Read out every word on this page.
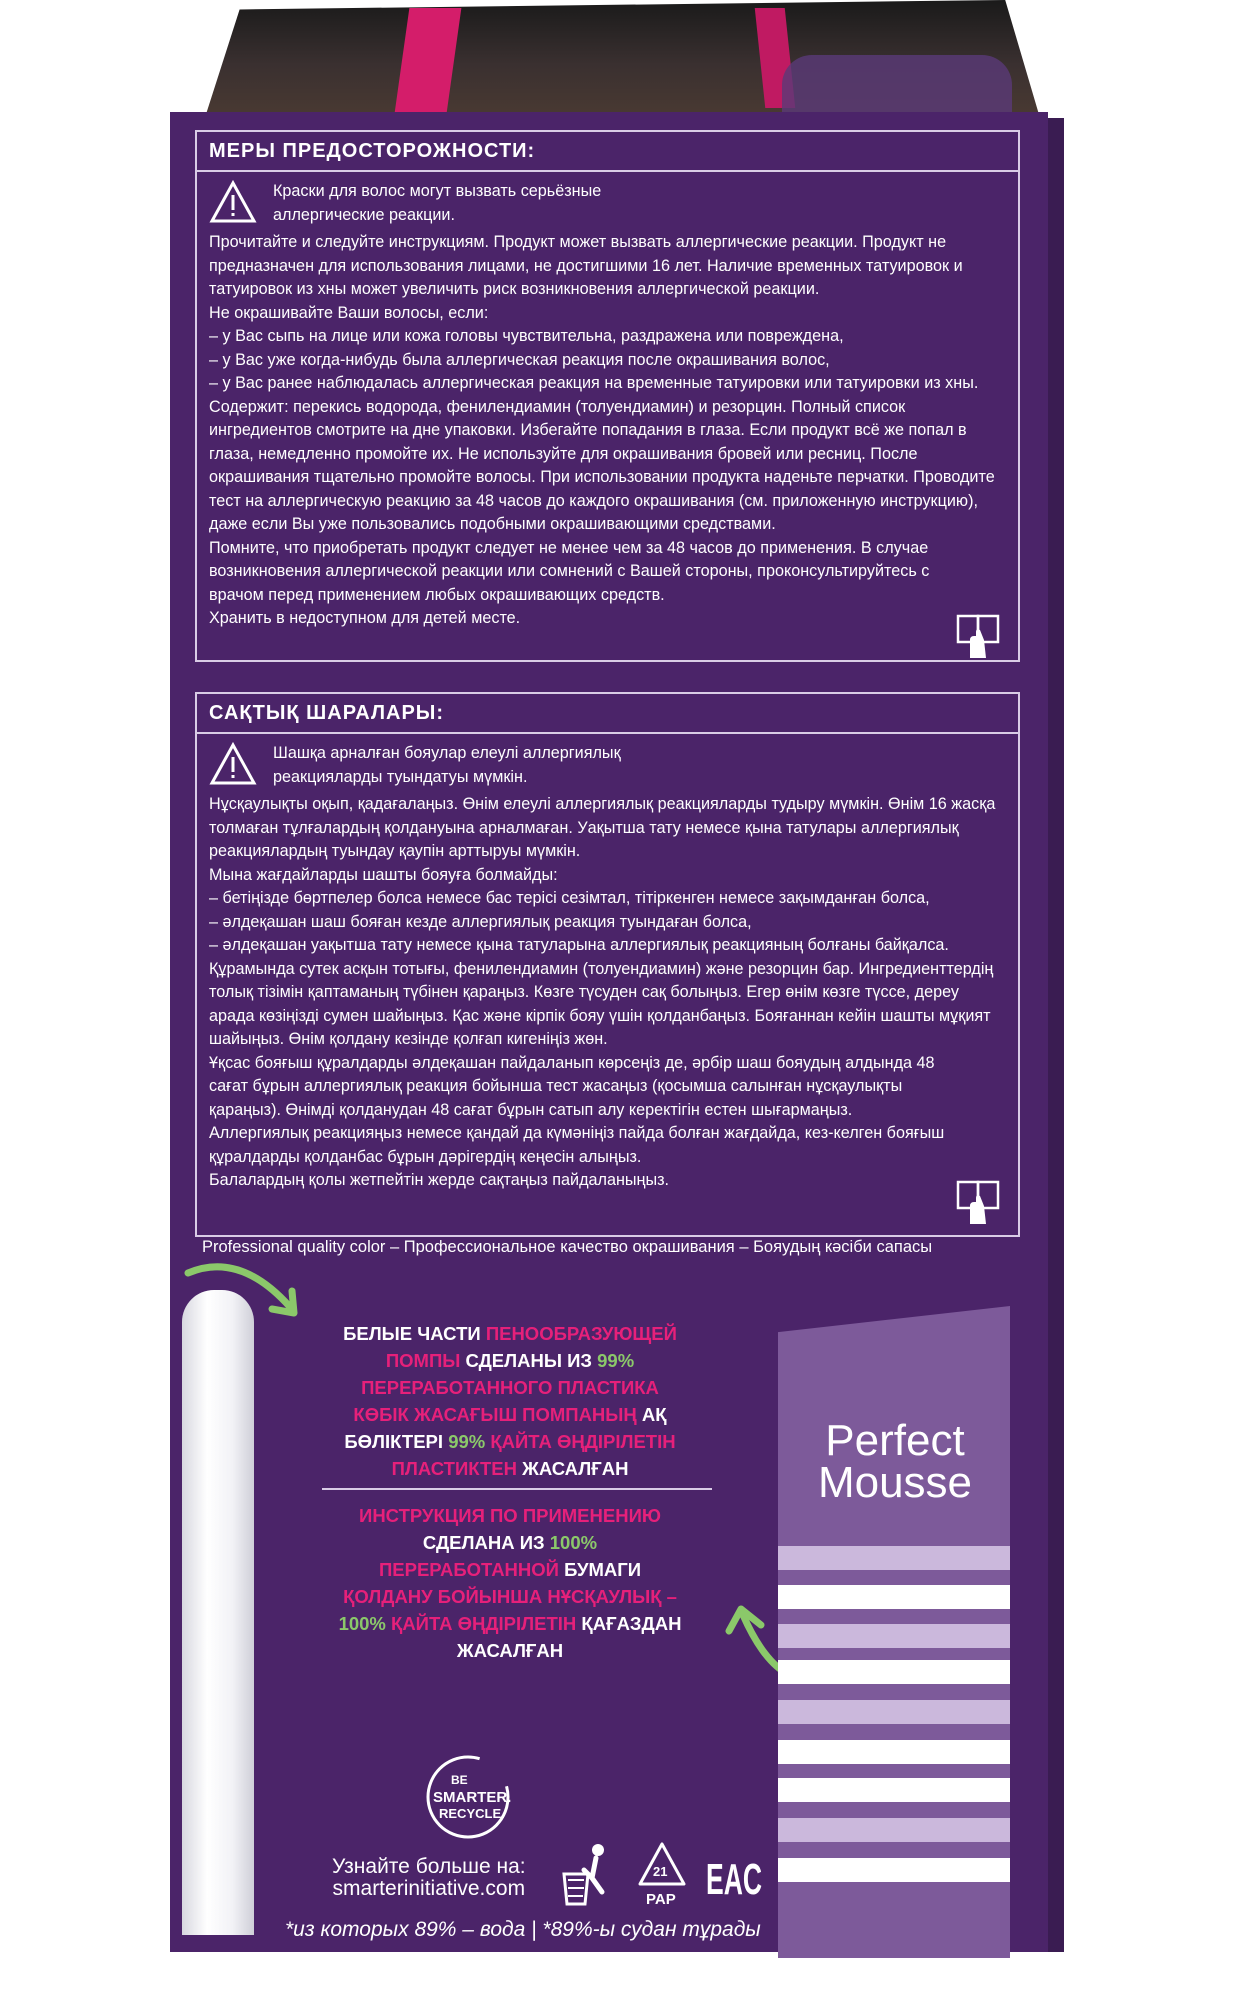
МЕРЫ ПРЕДОСТОРОЖНОСТИ:

Краски для волос могут вызвать серьёзные аллергические реакции.

Прочитайте и следуйте инструкциям. Продукт может вызвать аллергические реакции. Продукт не предназначен для использования лицами, не достигшими 16 лет. Наличие временных татуировок и татуировок из хны может увеличить риск возникновения аллергической реакции.

Не окрашивайте Ваши волосы, если:

– у Вас сыпь на лице или кожа головы чувствительна, раздражена или повреждена,

– у Вас уже когда-нибудь была аллергическая реакция после окрашивания волос,

– у Вас ранее наблюдалась аллергическая реакция на временные татуировки или татуировки из хны.

Содержит: перекись водорода, фенилендиамин (толуендиамин) и резорцин. Полный список ингредиентов смотрите на дне упаковки. Избегайте попадания в глаза. Если продукт всё же попал в глаза, немедленно промойте их. Не используйте для окрашивания бровей или ресниц. После окрашивания тщательно промойте волосы. При использовании продукта наденьте перчатки. Проводите тест на аллергическую реакцию за 48 часов до каждого окрашивания (см. приложенную инструкцию), даже если Вы уже пользовались подобными окрашивающими средствами.

Помните, что приобретать продукт следует не менее чем за 48 часов до применения. В случае возникновения аллергической реакции или сомнений с Вашей стороны, проконсультируйтесь с врачом перед применением любых окрашивающих средств.

Хранить в недоступном для детей месте.

САҚТЫҚ ШАРАЛАРЫ:

Шашқа арналған бояулар елеулі аллергиялық реакцияларды туындатуы мүмкін.

Нұсқаулықты оқып, қадағалаңыз. Өнім елеулі аллергиялық реакцияларды тудыру мүмкін. Өнім 16 жасқа толмаған тұлғалардың қолдануына арналмаған. Уақытша тату немесе қына татулары аллергиялық реакциялардың туындау қаупін арттыруы мүмкін.

Мына жағдайларды шашты бояуға болмайды:

– бетіңізде бөртпелер болса немесе бас терісі сезімтал, тітіркенген немесе зақымданған болса,

– әлдеқашан шаш бояған кезде аллергиялық реакция туындаған болса,

– әлдеқашан уақытша тату немесе қына татуларына аллергиялық реакцияның болғаны байқалса.

Құрамында сутек асқын тотығы, фенилендиамин (толуендиамин) және резорцин бар. Ингредиенттердің толық тізімін қаптаманың түбінен қараңыз. Көзге түсуден сақ болыңыз. Егер өнім көзге түссе, дереу арада көзіңізді сумен шайыңыз. Қас және кірпік бояу үшін қолданбаңыз. Бояғаннан кейін шашты мұқият шайыңыз. Өнім қолдану кезінде қолғап кигеніңіз жөн.

Ұқсас бояғыш құралдарды әлдеқашан пайдаланып көрсеңіз де, әрбір шаш бояудың алдында 48 сағат бұрын аллергиялық реакция бойынша тест жасаңыз (қосымша салынған нұсқаулықты қараңыз). Өнімді қолданудан 48 сағат бұрын сатып алу керектігін естен шығармаңыз. Аллергиялық реакцияңыз немесе қандай да күмәніңіз пайда болған жағдайда, кез-келген бояғыш құралдарды қолданбас бұрын дәрігердің кеңесін алыңыз.

Балалардың қолы жетпейтін жерде сақтаңыз пайдаланыңыз.

Professional quality color – Профессиональное качество окрашивания – Бояудың кәсіби сапасы
БЕЛЫЕ ЧАСТИ ПЕНООБРАЗУЮЩЕЙ
ПОМПЫ СДЕЛАНЫ ИЗ 99%
ПЕРЕРАБОТАННОГО ПЛАСТИКА
КӨБІК ЖАСАҒЫШ ПОМПАНЫҢ АҚ
БӨЛІКТЕРІ 99% ҚАЙТА ӨҢДІРІЛЕТІН
ПЛАСТИКТЕН ЖАСАЛҒАН
ИНСТРУКЦИЯ ПО ПРИМЕНЕНИЮ
СДЕЛАНА ИЗ 100%
ПЕРЕРАБОТАННОЙ БУМАГИ
ҚОЛДАНУ БОЙЫНША НҰСҚАУЛЫҚ –
100% ҚАЙТА ӨҢДІРІЛЕТІН ҚАҒАЗДАН
ЖАСАЛҒАН
Perfect
Mousse
BE
SMARTER.
RECYCLE.
Узнайте больше на:
smarterinitiative.com
21
PAP EAC
*из которых 89% – вода | *89%-ы судан тұрады
